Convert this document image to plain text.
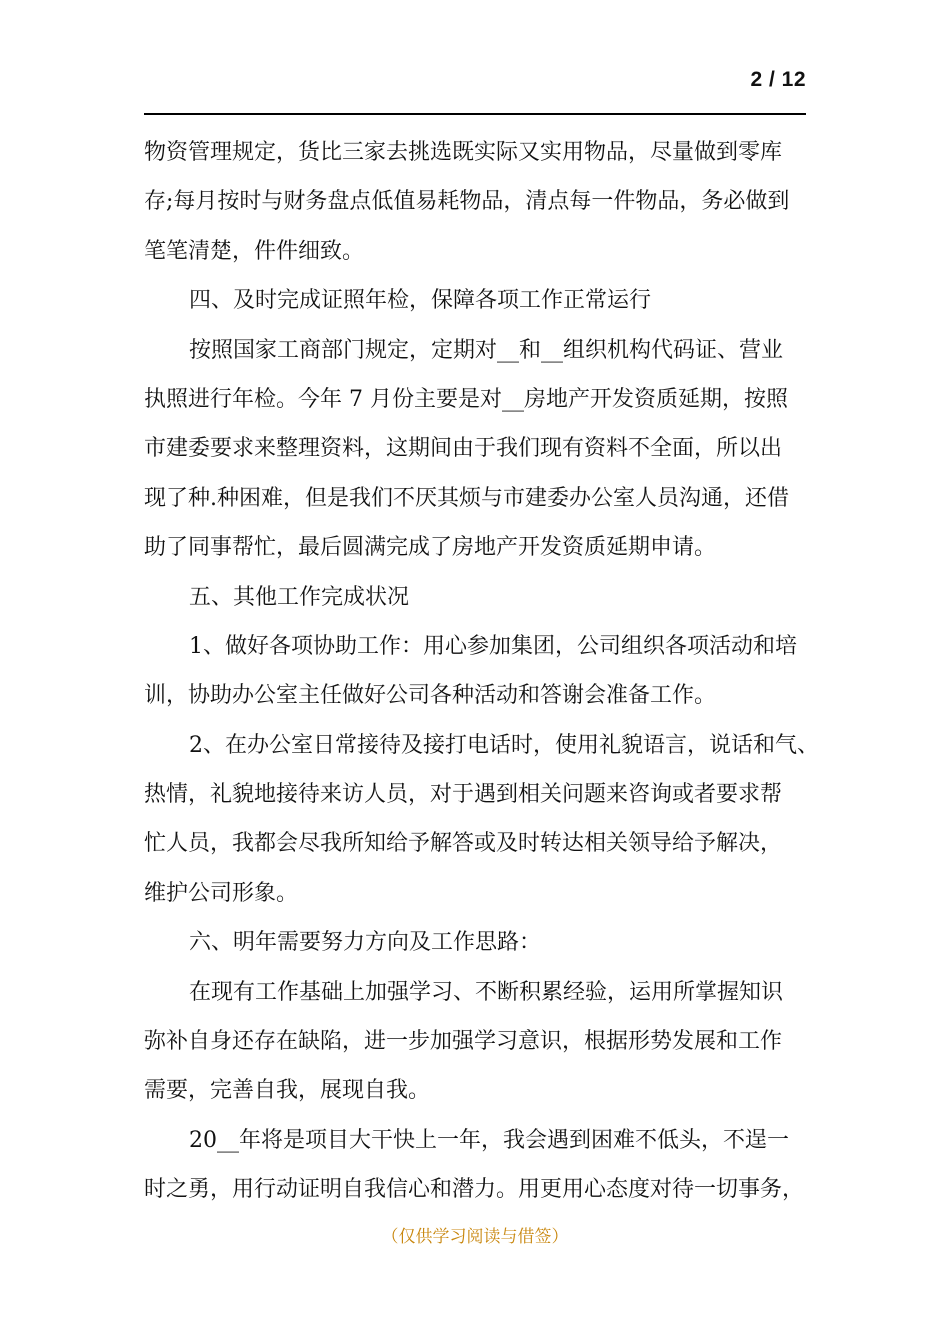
2 / 12
物资管理规定，货比三家去挑选既实际又实用物品，尽量做到零库
存;每月按时与财务盘点低值易耗物品，清点每一件物品，务必做到
笔笔清楚，件件细致。
四、及时完成证照年检，保障各项工作正常运行
按照国家工商部门规定，定期对__和__组织机构代码证、营业
执照进行年检。今年 7 月份主要是对__房地产开发资质延期，按照
市建委要求来整理资料，这期间由于我们现有资料不全面，所以出
现了种.种困难，但是我们不厌其烦与市建委办公室人员沟通，还借
助了同事帮忙，最后圆满完成了房地产开发资质延期申请。
五、其他工作完成状况
1、做好各项协助工作：用心参加集团，公司组织各项活动和培
训，协助办公室主任做好公司各种活动和答谢会准备工作。
2、在办公室日常接待及接打电话时，使用礼貌语言，说话和气、
热情，礼貌地接待来访人员，对于遇到相关问题来咨询或者要求帮
忙人员，我都会尽我所知给予解答或及时转达相关领导给予解决，
维护公司形象。
六、明年需要努力方向及工作思路：
在现有工作基础上加强学习、不断积累经验，运用所掌握知识
弥补自身还存在缺陷，进一步加强学习意识，根据形势发展和工作
需要，完善自我，展现自我。
20__年将是项目大干快上一年，我会遇到困难不低头，不逞一
时之勇，用行动证明自我信心和潜力。用更用心态度对待一切事务，
（仅供学习阅读与借签）
